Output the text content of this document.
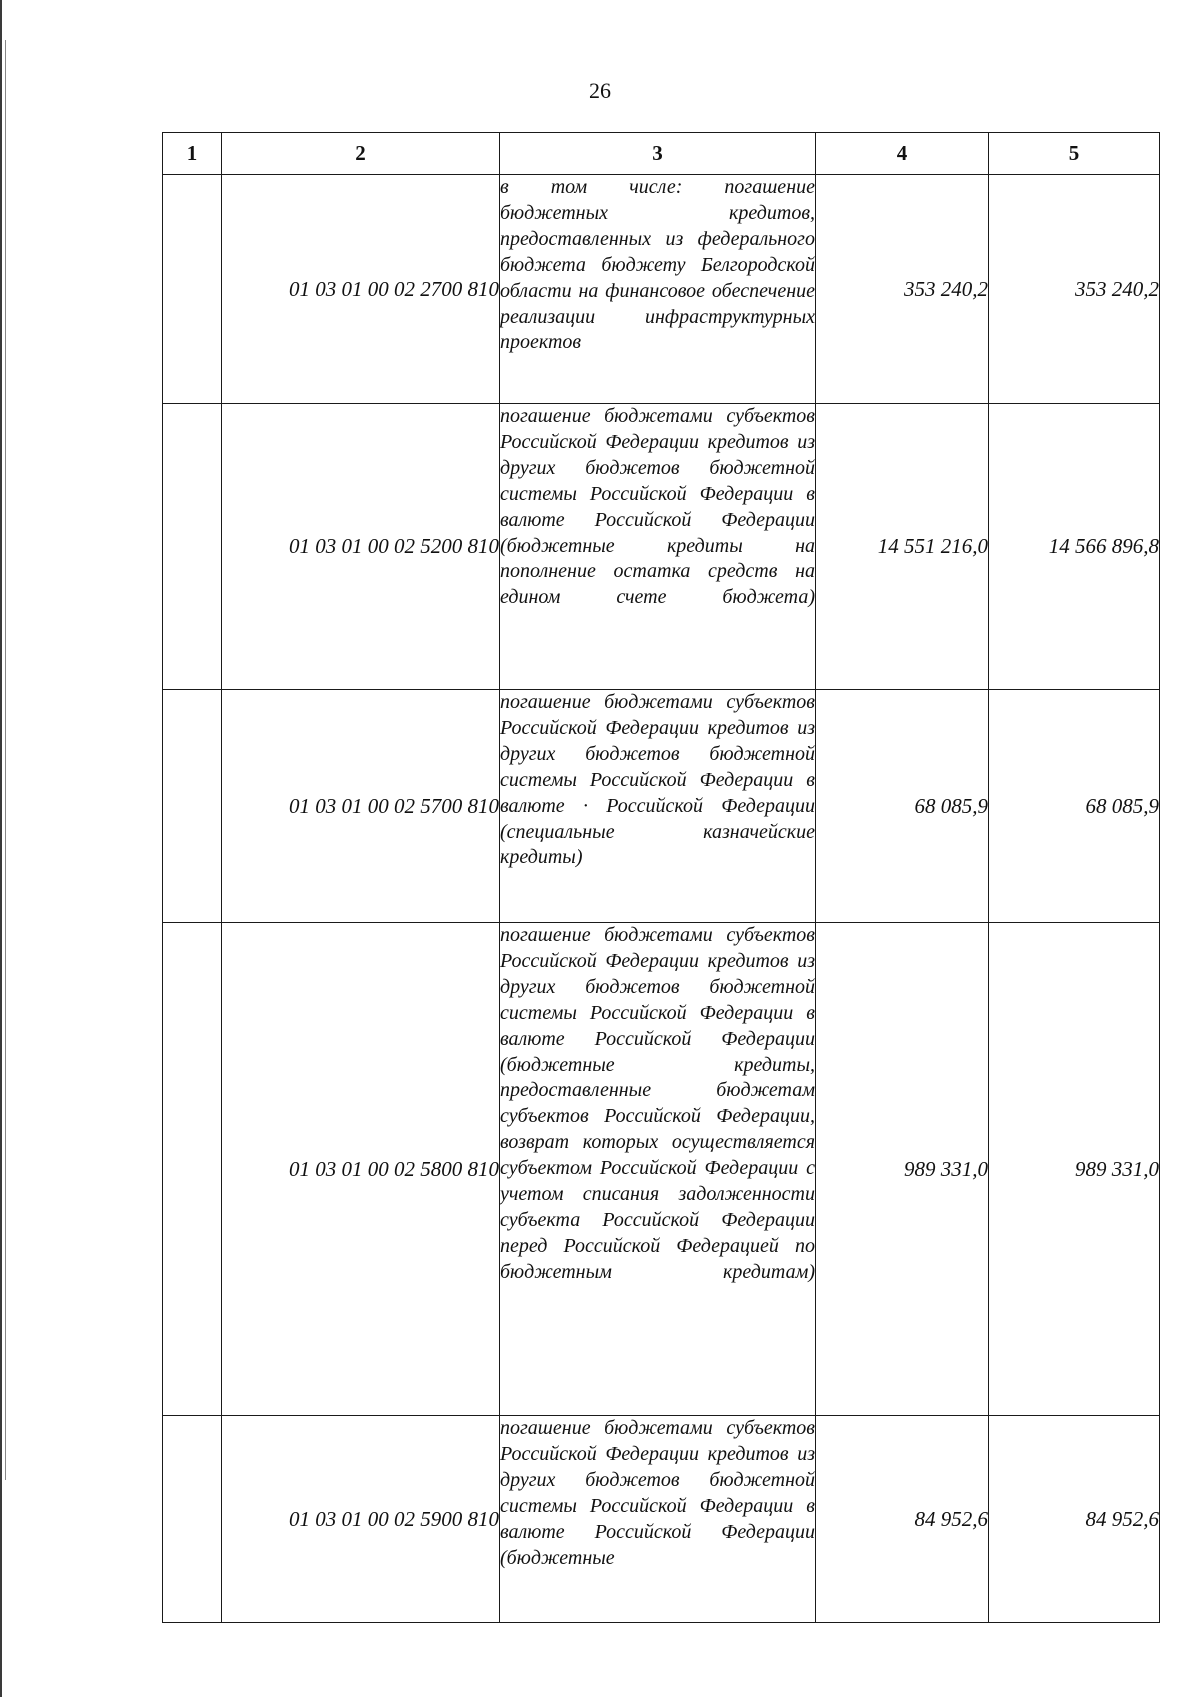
26
1	2	3	4	5
	01 03 01 00 02 2700 810	в том числе: погашение бюджетных кредитов, предоставленных из федерального бюджета бюджету Белгородской области на финансовое обеспечение реализации инфраструктурных проектов	353 240,2	353 240,2
	01 03 01 00 02 5200 810	погашение бюджетами субъектов Российской Федерации кредитов из других бюджетов бюджетной системы Российской Федерации в валюте Российской Федерации (бюджетные кредиты на пополнение остатка средств на едином счете бюджета)	14 551 216,0	14 566 896,8
	01 03 01 00 02 5700 810	погашение бюджетами субъектов Российской Федерации кредитов из других бюджетов бюджетной системы Российской Федерации в валюте · Российской Федерации (специальные казначейские кредиты)	68 085,9	68 085,9
	01 03 01 00 02 5800 810	погашение бюджетами субъектов Российской Федерации кредитов из других бюджетов бюджетной системы Российской Федерации в валюте Российской Федерации (бюджетные кредиты, предоставленные бюджетам субъектов Российской Федерации, возврат которых осуществляется субъектом Российской Федерации с учетом списания задолженности субъекта Российской Федерации перед Российской Федерацией по бюджетным кредитам)	989 331,0	989 331,0
	01 03 01 00 02 5900 810	погашение бюджетами субъектов Российской Федерации кредитов из других бюджетов бюджетной системы Российской Федерации в валюте Российской Федерации (бюджетные	84 952,6	84 952,6
